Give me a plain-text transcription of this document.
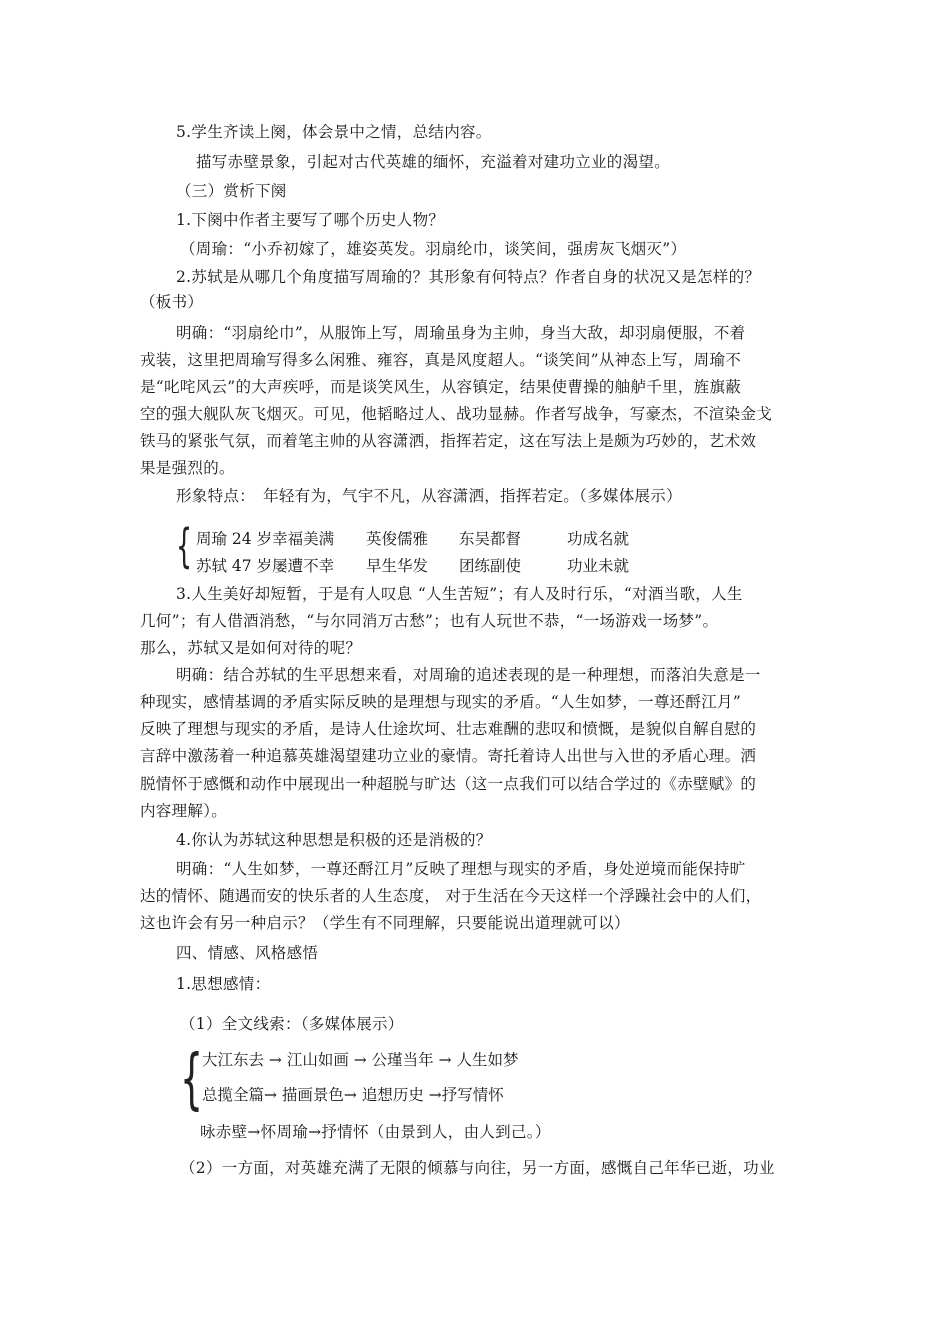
5.学生齐读上阕，体会景中之情，总结内容。
描写赤壁景象，引起对古代英雄的缅怀，充溢着对建功立业的渴望。
（三）赏析下阕
1.下阕中作者主要写了哪个历史人物？
（周瑜：“小乔初嫁了，雄姿英发。羽扇纶巾，谈笑间，强虏灰飞烟灭”）
2.苏轼是从哪几个角度描写周瑜的？其形象有何特点？作者自身的状况又是怎样的？
（板书）
明确：“羽扇纶巾”，从服饰上写，周瑜虽身为主帅，身当大敌，却羽扇便服，不着
戎装，这里把周瑜写得多么闲雅、雍容，真是风度超人。“谈笑间”从神态上写，周瑜不
是“叱咤风云”的大声疾呼，而是谈笑风生，从容镇定，结果使曹操的舳舻千里，旌旗蔽
空的强大舰队灰飞烟灭。可见，他韬略过人、战功显赫。作者写战争，写豪杰，不渲染金戈
铁马的紧张气氛，而着笔主帅的从容潇洒，指挥若定，这在写法上是颇为巧妙的，艺术效
果是强烈的。
形象特点：　年轻有为，气宇不凡，从容潇洒，指挥若定。（多媒体展示）
{ 周瑜 24 岁幸福美满 英俊儒雅 东吴都督	功成名就
苏轼 47 岁屡遭不幸 早生华发 团练副使	功业未就
3.人生美好却短暂，于是有人叹息 “人生苦短”；有人及时行乐，“对酒当歌，人生
几何”；有人借酒消愁，“与尔同消万古愁”；也有人玩世不恭，“一场游戏一场梦”。
那么，苏轼又是如何对待的呢？
明确：结合苏轼的生平思想来看，对周瑜的追述表现的是一种理想，而落泊失意是一
种现实，感情基调的矛盾实际反映的是理想与现实的矛盾。“人生如梦，一尊还酹江月”
反映了理想与现实的矛盾，是诗人仕途坎坷、壮志难酬的悲叹和愤慨，是貌似自解自慰的
言辞中激荡着一种追慕英雄渴望建功立业的豪情。寄托着诗人出世与入世的矛盾心理。洒
脱情怀于感慨和动作中展现出一种超脱与旷达（这一点我们可以结合学过的《赤壁赋》的
内容理解）。
4.你认为苏轼这种思想是积极的还是消极的？
明确：“人生如梦，一尊还酹江月”反映了理想与现实的矛盾，身处逆境而能保持旷
达的情怀、随遇而安的快乐者的人生态度， 对于生活在今天这样一个浮躁社会中的人们，
这也许会有另一种启示？（学生有不同理解，只要能说出道理就可以）
四、情感、风格感悟
1.思想感情：
（1）全文线索：（多媒体展示）
{
大江东去 → 江山如画 → 公瑾当年 → 人生如梦
总揽全篇→ 描画景色→ 追想历史 →抒写情怀
咏赤壁→怀周瑜→抒情怀（由景到人，由人到己。）
（2）一方面，对英雄充满了无限的倾慕与向往，另一方面，感慨自己年华已逝，功业
